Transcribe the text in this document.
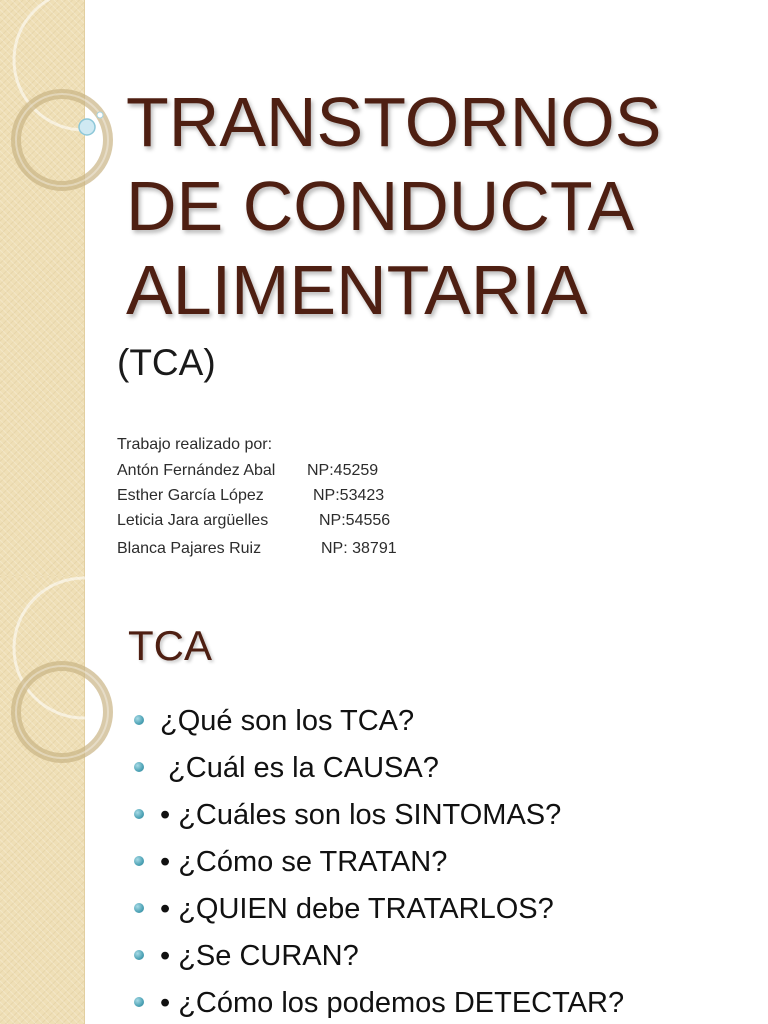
TRANSTORNOS
DE CONDUCTA
ALIMENTARIA
(TCA)
Trabajo realizado por:
Antón Fernández Abal NP:45259
Esther García López	NP:53423
Leticia Jara argüelles	NP:54556
Blanca Pajares Ruiz	NP: 38791
TCA
¿Qué son los TCA?
¿Cuál es la CAUSA?
• ¿Cuáles son los SINTOMAS?
• ¿Cómo se TRATAN?
• ¿QUIEN debe TRATARLOS?
• ¿Se CURAN?
• ¿Cómo los podemos DETECTAR?
